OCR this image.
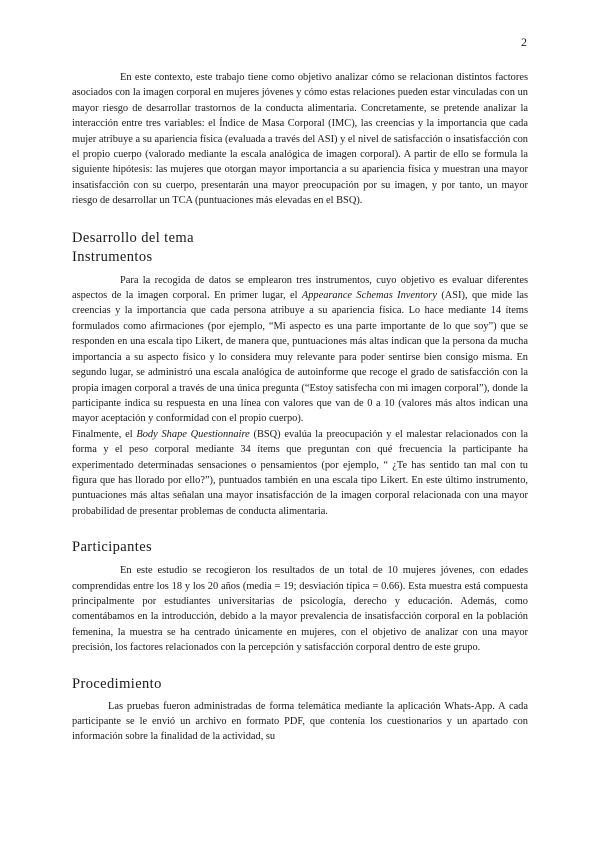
2

En este contexto, este trabajo tiene como objetivo analizar cómo se relacionan distintos factores asociados con la imagen corporal en mujeres jóvenes y cómo estas relaciones pueden estar vinculadas con un mayor riesgo de desarrollar trastornos de la conducta alimentaria. Concretamente, se pretende analizar la interacción entre tres variables: el Índice de Masa Corporal (IMC), las creencias y la importancia que cada mujer atribuye a su apariencia física (evaluada a través del ASI) y el nivel de satisfacción o insatisfacción con el propio cuerpo (valorado mediante la escala analógica de imagen corporal). A partir de ello se formula la siguiente hipótesis: las mujeres que otorgan mayor importancia a su apariencia física y muestran una mayor insatisfacción con su cuerpo, presentarán una mayor preocupación por su imagen, y por tanto, un mayor riesgo de desarrollar un TCA (puntuaciones más elevadas en el BSQ).

Desarrollo del tema
Instrumentos

Para la recogida de datos se emplearon tres instrumentos, cuyo objetivo es evaluar diferentes aspectos de la imagen corporal. En primer lugar, el Appearance Schemas Inventory (ASI), que mide las creencias y la importancia que cada persona atribuye a su apariencia física. Lo hace mediante 14 ítems formulados como afirmaciones (por ejemplo, “Mi aspecto es una parte importante de lo que soy”) que se responden en una escala tipo Likert, de manera que, puntuaciones más altas indican que la persona da mucha importancia a su aspecto físico y lo considera muy relevante para poder sentirse bien consigo misma. En segundo lugar, se administró una escala analógica de autoinforme que recoge el grado de satisfacción con la propia imagen corporal a través de una única pregunta (“Estoy satisfecha con mi imagen corporal”), donde la participante indica su respuesta en una línea con valores que van de 0 a 10 (valores más altos indican una mayor aceptación y conformidad con el propio cuerpo).

Finalmente, el Body Shape Questionnaire (BSQ) evalúa la preocupación y el malestar relacionados con la forma y el peso corporal mediante 34 ítems que preguntan con qué frecuencia la participante ha experimentado determinadas sensaciones o pensamientos (por ejemplo, “ ¿Te has sentido tan mal con tu figura que has llorado por ello?”), puntuados también en una escala tipo Likert. En este último instrumento, puntuaciones más altas señalan una mayor insatisfacción de la imagen corporal relacionada con una mayor probabilidad de presentar problemas de conducta alimentaria.

Participantes

En este estudio se recogieron los resultados de un total de 10 mujeres jóvenes, con edades comprendidas entre los 18 y los 20 años (media = 19; desviación típica = 0.66). Esta muestra está compuesta principalmente por estudiantes universitarias de psicología, derecho y educación. Además, como comentábamos en la introducción, debido a la mayor prevalencia de insatisfacción corporal en la población femenina, la muestra se ha centrado únicamente en mujeres, con el objetivo de analizar con una mayor precisión, los factores relacionados con la percepción y satisfacción corporal dentro de este grupo.

Procedimiento

Las pruebas fueron administradas de forma telemática mediante la aplicación Whats-App. A cada participante se le envió un archivo en formato PDF, que contenía los cuestionarios y un apartado con información sobre la finalidad de la actividad, su
